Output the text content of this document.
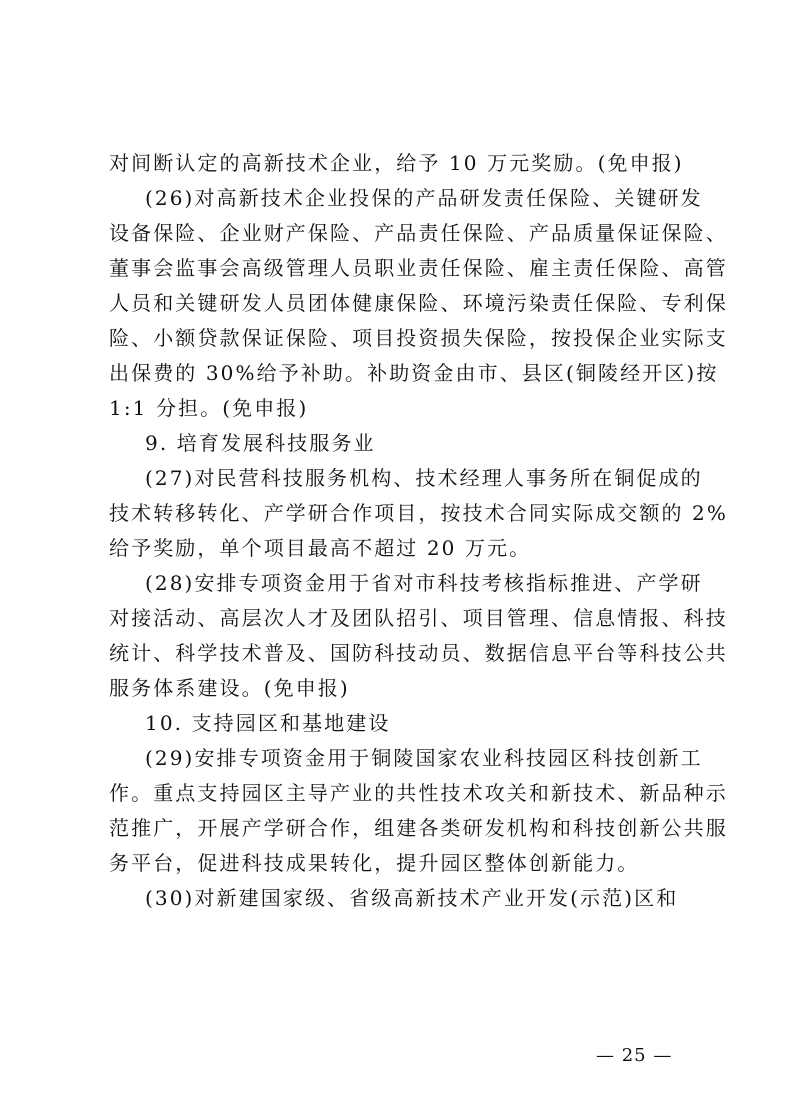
对间断认定的高新技术企业，给予 10 万元奖励。(免申报)
(26)对高新技术企业投保的产品研发责任保险、关键研发
设备保险、企业财产保险、产品责任保险、产品质量保证保险、
董事会监事会高级管理人员职业责任保险、雇主责任保险、高管
人员和关键研发人员团体健康保险、环境污染责任保险、专利保
险、小额贷款保证保险、项目投资损失保险，按投保企业实际支
出保费的 30%给予补助。补助资金由市、县区(铜陵经开区)按
1:1 分担。(免申报)
9. 培育发展科技服务业
(27)对民营科技服务机构、技术经理人事务所在铜促成的
技术转移转化、产学研合作项目，按技术合同实际成交额的 2%
给予奖励，单个项目最高不超过 20 万元。
(28)安排专项资金用于省对市科技考核指标推进、产学研
对接活动、高层次人才及团队招引、项目管理、信息情报、科技
统计、科学技术普及、国防科技动员、数据信息平台等科技公共
服务体系建设。(免申报)
10. 支持园区和基地建设
(29)安排专项资金用于铜陵国家农业科技园区科技创新工
作。重点支持园区主导产业的共性技术攻关和新技术、新品种示
范推广，开展产学研合作，组建各类研发机构和科技创新公共服
务平台，促进科技成果转化，提升园区整体创新能力。
(30)对新建国家级、省级高新技术产业开发(示范)区和
— 25 —
